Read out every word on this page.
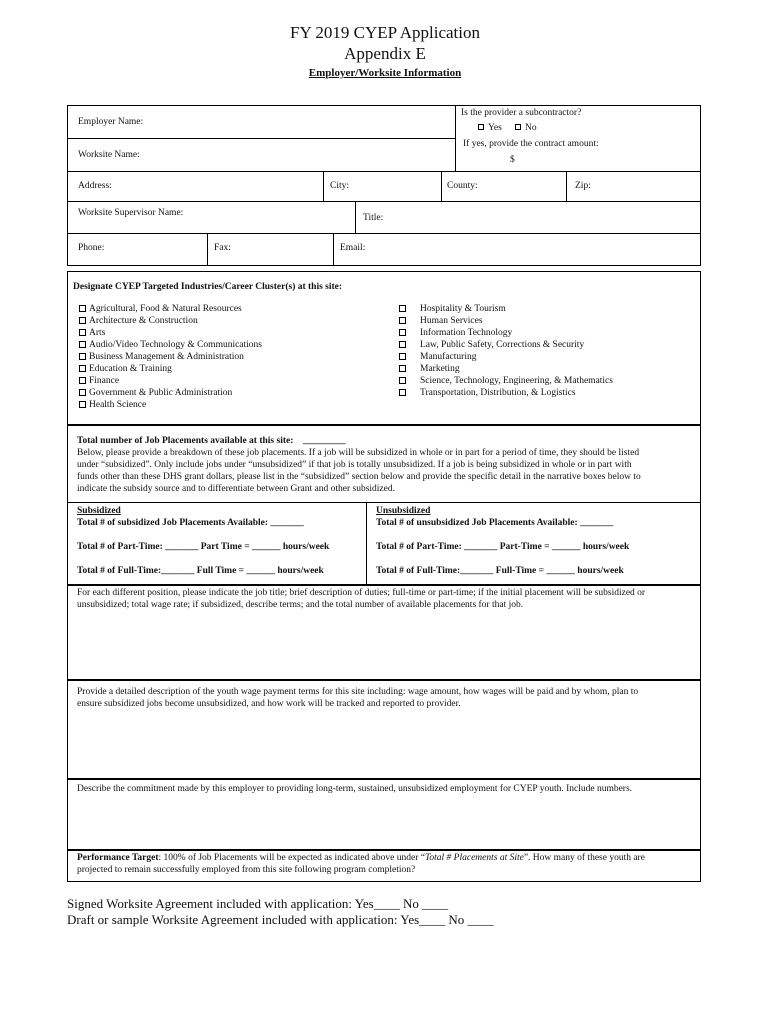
FY 2019 CYEP Application
Appendix E
Employer/Worksite Information
Employer Name:
Worksite Name:
Is the provider a subcontractor?
Yes	No
If yes, provide the contract amount:
$
Address:	City:	County:	Zip:
Worksite Supervisor Name:	Title:
Phone:	Fax:	Email:
Designate CYEP Targeted Industries/Career Cluster(s) at this site:
Agricultural, Food & Natural Resources
Architecture & Construction
Arts
Audio/Video Technology & Communications
Business Management & Administration
Education & Training
Finance
Government & Public Administration
Health Science
Hospitality & Tourism
Human Services
Information Technology
Law, Public Safety, Corrections & Security
Manufacturing
Marketing
Science, Technology, Engineering, & Mathematics
Transportation, Distribution, & Logistics
Total number of Job Placements available at this site: _________
Below, please provide a breakdown of these job placements. If a job will be subsidized in whole or in part for a period of time, they should be listed
under “subsidized”. Only include jobs under “unsubsidized” if that job is totally unsubsidized. If a job is being subsidized in whole or in part with
funds other than these DHS grant dollars, please list in the “subsidized” section below and provide the specific detail in the narrative boxes below to
indicate the subsidy source and to differentiate between Grant and other subsidized.
Subsidized
Total # of subsidized Job Placements Available: _______
Total # of Part-Time: _______ Part Time = ______ hours/week
Total # of Full-Time:_______ Full Time = ______ hours/week
Unsubsidized
Total # of unsubsidized Job Placements Available: _______
Total # of Part-Time: _______ Part-Time = ______ hours/week
Total # of Full-Time:_______ Full-Time = ______ hours/week
For each different position, please indicate the job title; brief description of duties; full-time or part-time; if the initial placement will be subsidized or
unsubsidized; total wage rate; if subsidized, describe terms; and the total number of available placements for that job.
Provide a detailed description of the youth wage payment terms for this site including: wage amount, how wages will be paid and by whom, plan to
ensure subsidized jobs become unsubsidized, and how work will be tracked and reported to provider.
Describe the commitment made by this employer to providing long-term, sustained, unsubsidized employment for CYEP youth. Include numbers.
Performance Target: 100% of Job Placements will be expected as indicated above under “Total # Placements at Site”. How many of these youth are
projected to remain successfully employed from this site following program completion?
Signed Worksite Agreement included with application: Yes____ No ____
Draft or sample Worksite Agreement included with application: Yes____ No ____
